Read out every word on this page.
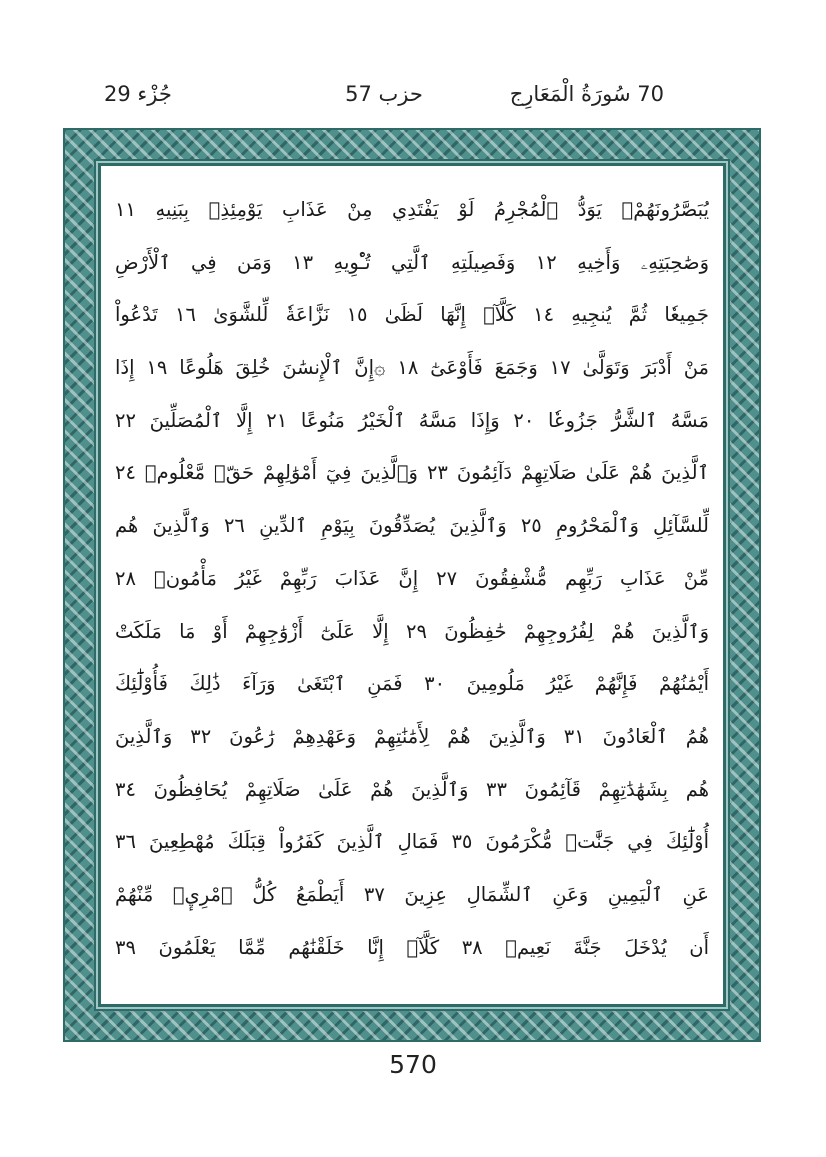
70 سُورَةُ الْمَعَارِج
حزب 57
جُزْء 29
يُبَصَّرُونَهُمْۚ يَوَدُّ ٱلْمُجْرِمُ لَوْ يَفْتَدِي مِنْ عَذَابِ يَوْمِئِذِۢ بِبَنِيهِ ١١
وَصَٰحِبَتِهِۦ وَأَخِيهِ ١٢ وَفَصِيلَتِهِ ٱلَّتِي تُـْٔوِيهِ ١٣ وَمَن فِي ٱلْأَرْضِ
جَمِيعٗا ثُمَّ يُنجِيهِ ١٤ كَلَّآۖ إِنَّهَا لَظَىٰ ١٥ نَزَّاعَةٗ لِّلشَّوَىٰ ١٦ تَدْعُواْ
مَنْ أَدْبَرَ وَتَوَلَّىٰ ١٧ وَجَمَعَ فَأَوْعَىٰٓ ١٨ ۞إِنَّ ٱلْإِنسَٰنَ خُلِقَ هَلُوعًا ١٩ إِذَا
مَسَّهُ ٱلشَّرُّ جَزُوعٗا ٢٠ وَإِذَا مَسَّهُ ٱلْخَيْرُ مَنُوعًا ٢١ إِلَّا ٱلْمُصَلِّينَ ٢٢
ٱلَّذِينَ هُمْ عَلَىٰ صَلَاتِهِمْ دَآئِمُونَ ٢٣ وَٱلَّذِينَ فِيٓ أَمْوَٰلِهِمْ حَقّٞ مَّعْلُومٞ ٢٤
لِّلسَّآئِلِ وَٱلْمَحْرُومِ ٢٥ وَٱلَّذِينَ يُصَدِّقُونَ بِيَوْمِ ٱلدِّينِ ٢٦ وَٱلَّذِينَ هُم
مِّنْ عَذَابِ رَبِّهِم مُّشْفِقُونَ ٢٧ إِنَّ عَذَابَ رَبِّهِمْ غَيْرُ مَأْمُونٖ ٢٨
وَٱلَّذِينَ هُمْ لِفُرُوجِهِمْ حَٰفِظُونَ ٢٩ إِلَّا عَلَىٰٓ أَزْوَٰجِهِمْ أَوْ مَا مَلَكَتْ
أَيْمَٰنُهُمْ فَإِنَّهُمْ غَيْرُ مَلُومِينَ ٣٠ فَمَنِ ٱبْتَغَىٰ وَرَآءَ ذَٰلِكَ فَأُوْلَٰٓئِكَ
هُمُ ٱلْعَادُونَ ٣١ وَٱلَّذِينَ هُمْ لِأَمَٰنَٰتِهِمْ وَعَهْدِهِمْ رَٰعُونَ ٣٢ وَٱلَّذِينَ
هُم بِشَهَٰدَٰتِهِمْ قَآئِمُونَ ٣٣ وَٱلَّذِينَ هُمْ عَلَىٰ صَلَاتِهِمْ يُحَافِظُونَ ٣٤
أُوْلَٰٓئِكَ فِي جَنَّٰتٖ مُّكْرَمُونَ ٣٥ فَمَالِ ٱلَّذِينَ كَفَرُواْ قِبَلَكَ مُهْطِعِينَ ٣٦
عَنِ ٱلْيَمِينِ وَعَنِ ٱلشِّمَالِ عِزِينَ ٣٧ أَيَطْمَعُ كُلُّ ٱمْرِيٕٖ مِّنْهُمْ
أَن يُدْخَلَ جَنَّةَ نَعِيمٖ ٣٨ كَلَّآۖ إِنَّا خَلَقْنَٰهُم مِّمَّا يَعْلَمُونَ ٣٩
570
